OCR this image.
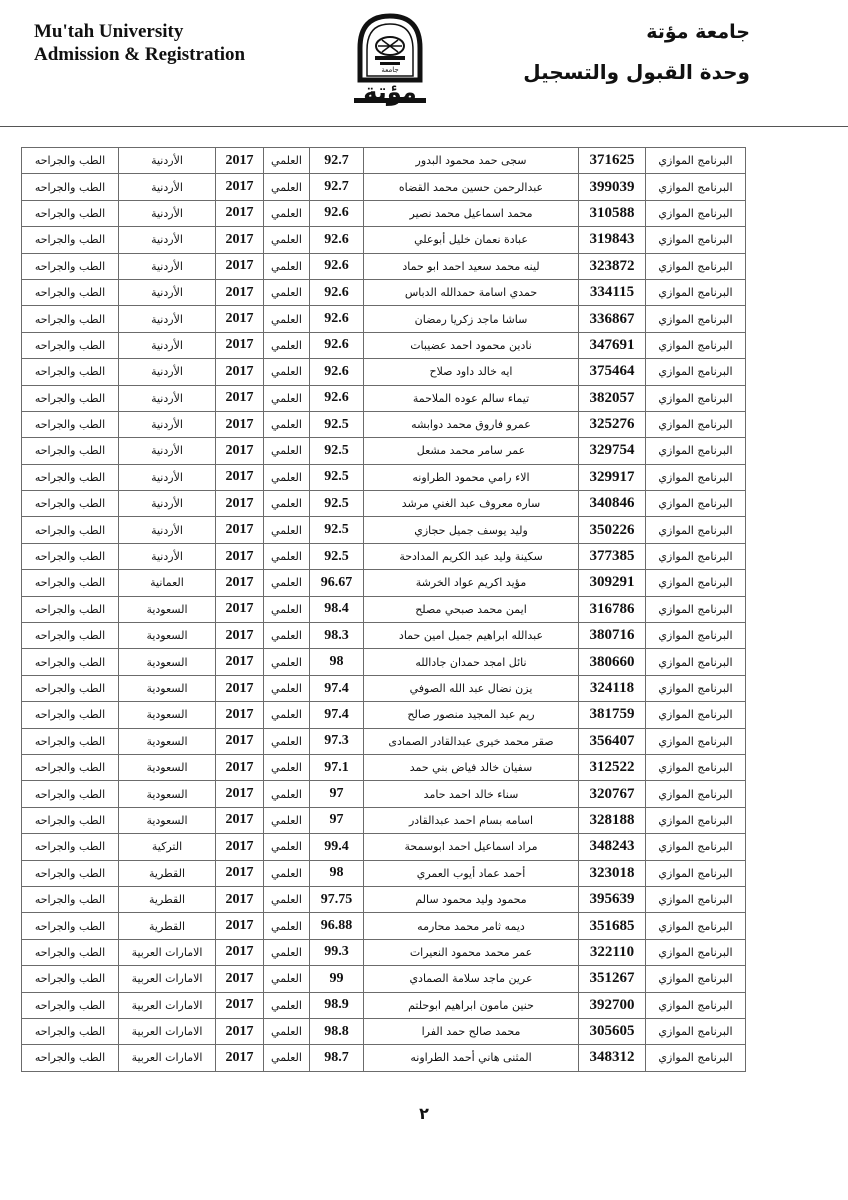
Mu'tah University
Admission & Registration
جامعة
مؤتة
جامعة مؤتة
وحدة القبول والتسجيل
الطب والجراحه	الأردنية	2017	العلمي	92.7	سجى حمد محمود البدور	371625	البرنامج الموازي
الطب والجراحه	الأردنية	2017	العلمي	92.7	عبدالرحمن حسين محمد القضاه	399039	البرنامج الموازي
الطب والجراحه	الأردنية	2017	العلمي	92.6	محمد اسماعيل محمد نصير	310588	البرنامج الموازي
الطب والجراحه	الأردنية	2017	العلمي	92.6	عبادة نعمان خليل أبوعلي	319843	البرنامج الموازي
الطب والجراحه	الأردنية	2017	العلمي	92.6	لينه محمد سعيد احمد ابو حماد	323872	البرنامج الموازي
الطب والجراحه	الأردنية	2017	العلمي	92.6	حمدي اسامة حمدالله الدباس	334115	البرنامج الموازي
الطب والجراحه	الأردنية	2017	العلمي	92.6	ساشا ماجد زكريا رمضان	336867	البرنامج الموازي
الطب والجراحه	الأردنية	2017	العلمي	92.6	نادين محمود احمد عضيبات	347691	البرنامج الموازي
الطب والجراحه	الأردنية	2017	العلمي	92.6	ايه خالد داود صلاح	375464	البرنامج الموازي
الطب والجراحه	الأردنية	2017	العلمي	92.6	تيماء سالم عوده الملاحمة	382057	البرنامج الموازي
الطب والجراحه	الأردنية	2017	العلمي	92.5	عمرو فاروق محمد دوابشه	325276	البرنامج الموازي
الطب والجراحه	الأردنية	2017	العلمي	92.5	عمر سامر محمد مشعل	329754	البرنامج الموازي
الطب والجراحه	الأردنية	2017	العلمي	92.5	الاء رامي محمود الطراونه	329917	البرنامج الموازي
الطب والجراحه	الأردنية	2017	العلمي	92.5	ساره معروف عبد الغني مرشد	340846	البرنامج الموازي
الطب والجراحه	الأردنية	2017	العلمي	92.5	وليد يوسف جميل حجازي	350226	البرنامج الموازي
الطب والجراحه	الأردنية	2017	العلمي	92.5	سكينة وليد عبد الكريم المدادحة	377385	البرنامج الموازي
الطب والجراحه	العمانية	2017	العلمي	96.67	مؤيد اكريم عواد الخرشة	309291	البرنامج الموازي
الطب والجراحه	السعودية	2017	العلمي	98.4	ايمن محمد صبحي مصلح	316786	البرنامج الموازي
الطب والجراحه	السعودية	2017	العلمي	98.3	عبدالله ابراهيم جميل امين حماد	380716	البرنامج الموازي
الطب والجراحه	السعودية	2017	العلمي	98	نائل امجد حمدان جادالله	380660	البرنامج الموازي
الطب والجراحه	السعودية	2017	العلمي	97.4	يزن نضال عبد الله الصوفي	324118	البرنامج الموازي
الطب والجراحه	السعودية	2017	العلمي	97.4	ريم عبد المجيد منصور صالح	381759	البرنامج الموازي
الطب والجراحه	السعودية	2017	العلمي	97.3	صقر محمد خيرى عبدالقادر الصمادى	356407	البرنامج الموازي
الطب والجراحه	السعودية	2017	العلمي	97.1	سفيان خالد فياض بني حمد	312522	البرنامج الموازي
الطب والجراحه	السعودية	2017	العلمي	97	سناء خالد احمد حامد	320767	البرنامج الموازي
الطب والجراحه	السعودية	2017	العلمي	97	اسامه بسام احمد عبدالقادر	328188	البرنامج الموازي
الطب والجراحه	التركية	2017	العلمي	99.4	مراد اسماعيل احمد ابوسمحة	348243	البرنامج الموازي
الطب والجراحه	القطرية	2017	العلمي	98	أحمد عماد أيوب العمري	323018	البرنامج الموازي
الطب والجراحه	القطرية	2017	العلمي	97.75	محمود وليد محمود سالم	395639	البرنامج الموازي
الطب والجراحه	القطرية	2017	العلمي	96.88	ديمه ثامر محمد محارمه	351685	البرنامج الموازي
الطب والجراحه	الامارات العربية	2017	العلمي	99.3	عمر محمد محمود النعيرات	322110	البرنامج الموازي
الطب والجراحه	الامارات العربية	2017	العلمي	99	عرين ماجد سلامة الصمادي	351267	البرنامج الموازي
الطب والجراحه	الامارات العربية	2017	العلمي	98.9	حنين مامون ابراهيم ابوحلتم	392700	البرنامج الموازي
الطب والجراحه	الامارات العربية	2017	العلمي	98.8	محمد صالح حمد الفرا	305605	البرنامج الموازي
الطب والجراحه	الامارات العربية	2017	العلمي	98.7	المثنى هاني أحمد الطراونه	348312	البرنامج الموازي
٢
